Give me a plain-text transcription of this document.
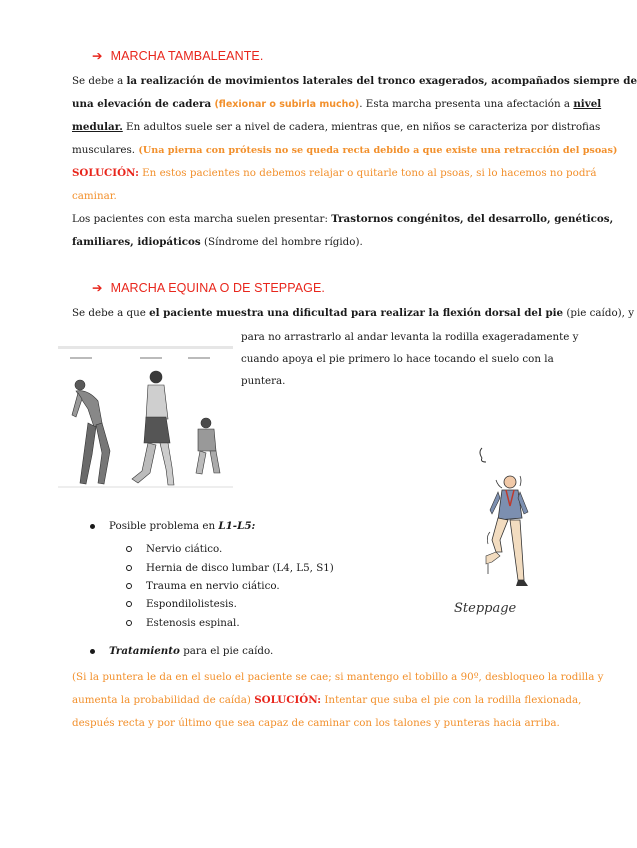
➔ MARCHA TAMBALEANTE.
Se debe a la realización de movimientos laterales del tronco exagerados, acompañados siempre de
una elevación de cadera (flexionar o subirla mucho). Esta marcha presenta una afectación a nivel
medular. En adultos suele ser a nivel de cadera, mientras que, en niños se caracteriza por distrofias
musculares. (Una pierna con prótesis no se queda recta debido a que existe una retracción del psoas)
SOLUCIÓN: En estos pacientes no debemos relajar o quitarle tono al psoas, si lo hacemos no podrá
caminar.
Los pacientes con esta marcha suelen presentar: Trastornos congénitos, del desarrollo, genéticos,
familiares, idiopáticos (Síndrome del hombre rígido).
➔ MARCHA EQUINA O DE STEPPAGE.
Se debe a que el paciente muestra una dificultad para realizar la flexión dorsal del pie (pie caído), y
para no arrastrarlo al andar levanta la rodilla exageradamente y
cuando apoya el pie primero lo hace tocando el suelo con la
puntera.
Steppage
Posible problema en L1-L5:
Nervio ciático.
Hernia de disco lumbar (L4, L5, S1)
Trauma en nervio ciático.
Espondilolistesis.
Estenosis espinal.
Tratamiento para el pie caído.
(Si la puntera le da en el suelo el paciente se cae; si mantengo el tobillo a 90º, desbloqueo la rodilla y
aumenta la probabilidad de caída) SOLUCIÓN: Intentar que suba el pie con la rodilla flexionada,
después recta y por último que sea capaz de caminar con los talones y punteras hacia arriba.
